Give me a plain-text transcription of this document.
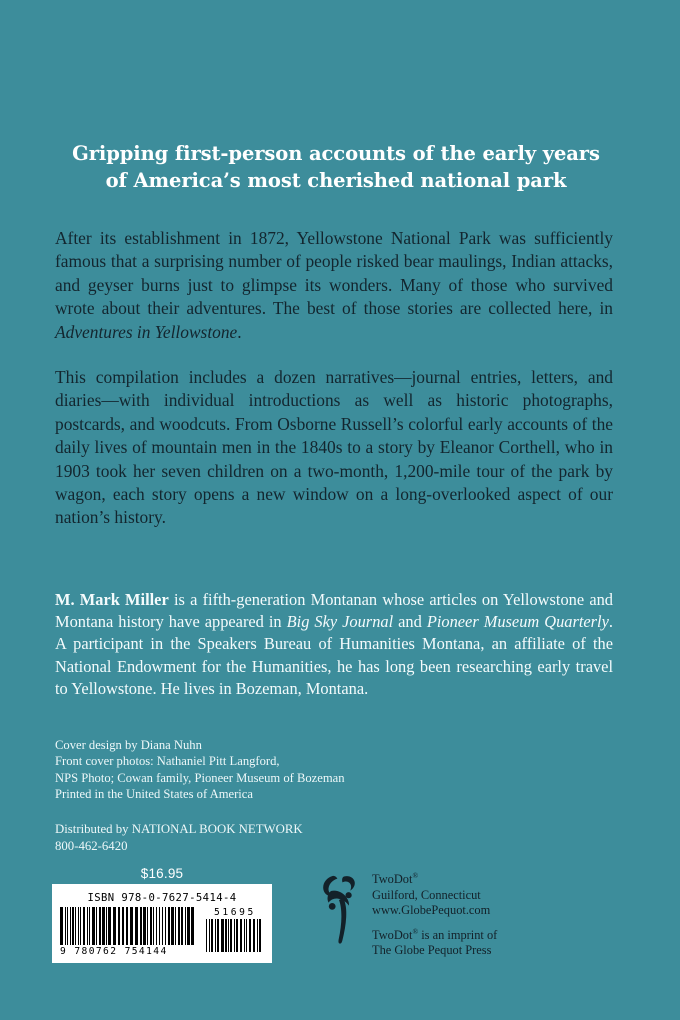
Gripping first-person accounts of the early years
of America’s most cherished national park

After its establishment in 1872, Yellowstone National Park was sufficiently famous that a surprising number of people risked bear maulings, Indian attacks, and geyser burns just to glimpse its wonders. Many of those who survived wrote about their adventures. The best of those stories are collected here, in Adventures in Yellowstone.

This compilation includes a dozen narratives—journal entries, letters, and diaries—with individual introductions as well as historic photographs, postcards, and woodcuts. From Osborne Russell’s colorful early accounts of the daily lives of mountain men in the 1840s to a story by Eleanor Corthell, who in 1903 took her seven children on a two-month, 1,200-mile tour of the park by wagon, each story opens a new window on a long-overlooked aspect of our nation’s history.

M. Mark Miller is a fifth-generation Montanan whose articles on Yellowstone and Montana history have appeared in Big Sky Journal and Pioneer Museum Quarterly. A participant in the Speakers Bureau of Humanities Montana, an affiliate of the National Endowment for the Humanities, he has long been researching early travel to Yellowstone. He lives in Bozeman, Montana.

Cover design by Diana Nuhn
Front cover photos: Nathaniel Pitt Langford,
NPS Photo; Cowan family, Pioneer Museum of Bozeman
Printed in the United States of America
Distributed by NATIONAL BOOK NETWORK
800-462-6420
$16.95
ISBN 978-0-7627-5414-4
9 780762 754144
51695
TwoDot®
Guilford, Connecticut
www.GlobePequot.com
TwoDot® is an imprint of
The Globe Pequot Press
